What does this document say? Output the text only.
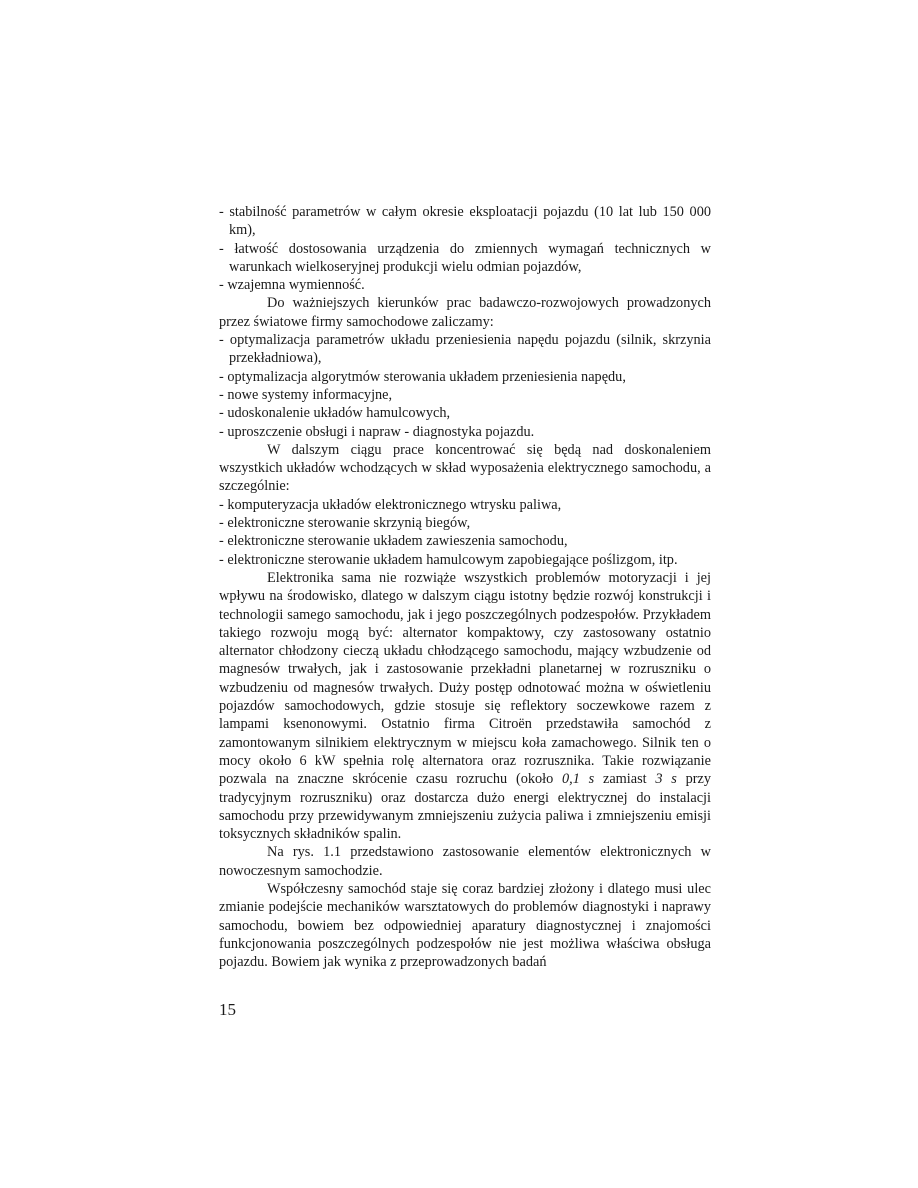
- stabilność parametrów w całym okresie eksploatacji pojazdu (10 lat lub 150 000 km),
- łatwość dostosowania urządzenia do zmiennych wymagań technicznych w warunkach wielkoseryjnej produkcji wielu odmian pojazdów,
- wzajemna wymienność.

Do ważniejszych kierunków prac badawczo-rozwojowych prowadzonych przez światowe firmy samochodowe zaliczamy:

- optymalizacja parametrów układu przeniesienia napędu pojazdu (silnik, skrzynia przekładniowa),
- optymalizacja algorytmów sterowania układem przeniesienia napędu,
- nowe systemy informacyjne,
- udoskonalenie układów hamulcowych,
- uproszczenie obsługi i napraw - diagnostyka pojazdu.

W dalszym ciągu prace koncentrować się będą nad doskonaleniem wszystkich układów wchodzących w skład wyposażenia elektrycznego samochodu, a szczególnie:

- komputeryzacja układów elektronicznego wtrysku paliwa,
- elektroniczne sterowanie skrzynią biegów,
- elektroniczne sterowanie układem zawieszenia samochodu,
- elektroniczne sterowanie układem hamulcowym zapobiegające poślizgom, itp.

Elektronika sama nie rozwiąże wszystkich problemów motoryzacji i jej wpływu na środowisko, dlatego w dalszym ciągu istotny będzie rozwój konstrukcji i technologii samego samochodu, jak i jego poszczególnych podzespołów. Przykładem takiego rozwoju mogą być: alternator kompaktowy, czy zastosowany ostatnio alternator chłodzony cieczą układu chłodzącego samochodu, mający wzbudzenie od magnesów trwałych, jak i zastosowanie przekładni planetarnej w rozruszniku o wzbudzeniu od magnesów trwałych. Duży postęp odnotować można w oświetleniu pojazdów samochodowych, gdzie stosuje się reflektory soczewkowe razem z lampami ksenonowymi. Ostatnio firma Citroën przedstawiła samochód z zamontowanym silnikiem elektrycznym w miejscu koła zamachowego. Silnik ten o mocy około 6 kW spełnia rolę alternatora oraz rozrusznika. Takie rozwiązanie pozwala na znaczne skrócenie czasu rozruchu (około 0,1 s zamiast 3 s przy tradycyjnym rozruszniku) oraz dostarcza dużo energi elektrycznej do instalacji samochodu przy przewidywanym zmniejszeniu zużycia paliwa i zmniejszeniu emisji toksycznych składników spalin.

Na rys. 1.1 przedstawiono zastosowanie elementów elektronicznych w nowoczesnym samochodzie.

Współczesny samochód staje się coraz bardziej złożony i dlatego musi ulec zmianie podejście mechaników warsztatowych do problemów diagnostyki i naprawy samochodu, bowiem bez odpowiedniej aparatury diagnostycznej i znajomości funkcjonowania poszczególnych podzespołów nie jest możliwa właściwa obsługa pojazdu. Bowiem jak wynika z przeprowadzonych badań

15
